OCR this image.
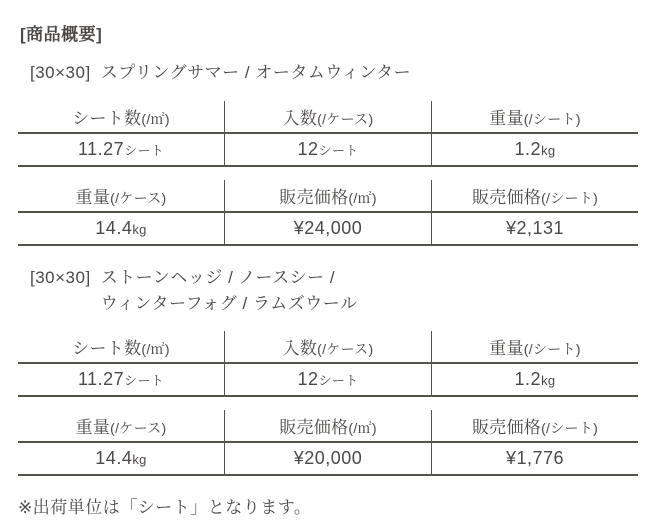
[商品概要]
[30×30] スプリングサマー / オータムウィンター
シート数(/㎡)	入数(/ケース)	重量(/シート)
11.27シート	12シート	1.2kg
重量(/ケース)	販売価格(/㎡)	販売価格(/シート)
14.4kg	¥24,000	¥2,131
[30×30] ストーンヘッジ / ノースシー /
ウィンターフォグ / ラムズウール
シート数(/㎡)	入数(/ケース)	重量(/シート)
11.27シート	12シート	1.2kg
重量(/ケース)	販売価格(/㎡)	販売価格(/シート)
14.4kg	¥20,000	¥1,776

※出荷単位は「シート」となります。
